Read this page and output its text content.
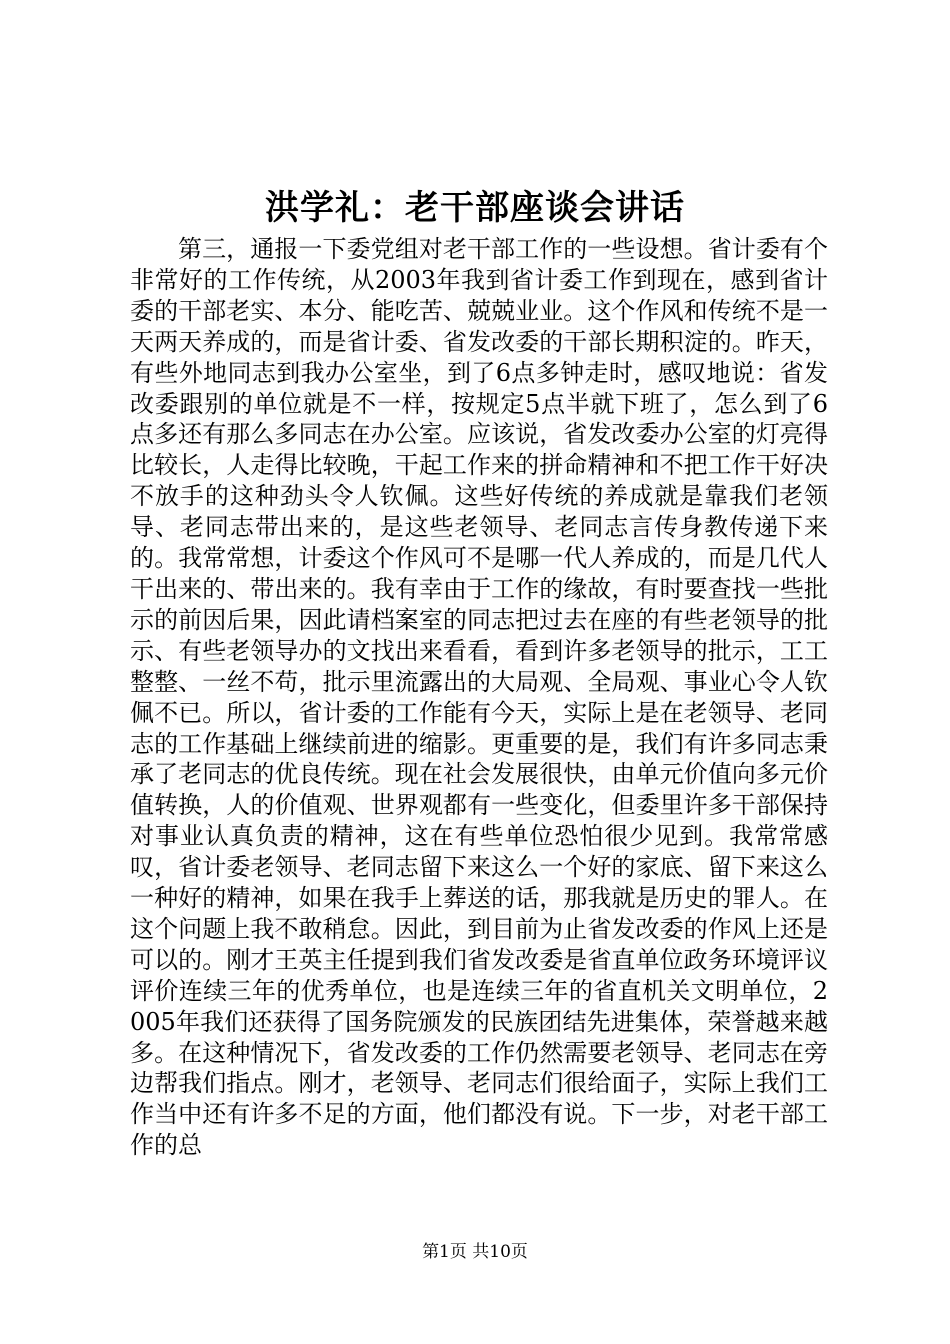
洪学礼：老干部座谈会讲话

第三，通报一下委党组对老干部工作的一些设想。省计委有个非常好的工作传统，从2003年我到省计委工作到现在，感到省计委的干部老实、本分、能吃苦、兢兢业业。这个作风和传统不是一天两天养成的，而是省计委、省发改委的干部长期积淀的。昨天，有些外地同志到我办公室坐，到了6点多钟走时，感叹地说：省发改委跟别的单位就是不一样，按规定5点半就下班了，怎么到了6点多还有那么多同志在办公室。应该说，省发改委办公室的灯亮得比较长，人走得比较晚，干起工作来的拼命精神和不把工作干好决不放手的这种劲头令人钦佩。这些好传统的养成就是靠我们老领导、老同志带出来的，是这些老领导、老同志言传身教传递下来的。我常常想，计委这个作风可不是哪一代人养成的，而是几代人干出来的、带出来的。我有幸由于工作的缘故，有时要查找一些批示的前因后果，因此请档案室的同志把过去在座的有些老领导的批示、有些老领导办的文找出来看看，看到许多老领导的批示，工工整整、一丝不苟，批示里流露出的大局观、全局观、事业心令人钦佩不已。所以，省计委的工作能有今天，实际上是在老领导、老同志的工作基础上继续前进的缩影。更重要的是，我们有许多同志秉承了老同志的优良传统。现在社会发展很快，由单元价值向多元价值转换，人的价值观、世界观都有一些变化，但委里许多干部保持对事业认真负责的精神，这在有些单位恐怕很少见到。我常常感叹，省计委老领导、老同志留下来这么一个好的家底、留下来这么一种好的精神，如果在我手上葬送的话，那我就是历史的罪人。在这个问题上我不敢稍怠。因此，到目前为止省发改委的作风上还是可以的。刚才王英主任提到我们省发改委是省直单位政务环境评议评价连续三年的优秀单位，也是连续三年的省直机关文明单位，2005年我们还获得了国务院颁发的民族团结先进集体，荣誉越来越多。在这种情况下，省发改委的工作仍然需要老领导、老同志在旁边帮我们指点。刚才，老领导、老同志们很给面子，实际上我们工作当中还有许多不足的方面，他们都没有说。下一步，对老干部工作的总

第1页 共10页
